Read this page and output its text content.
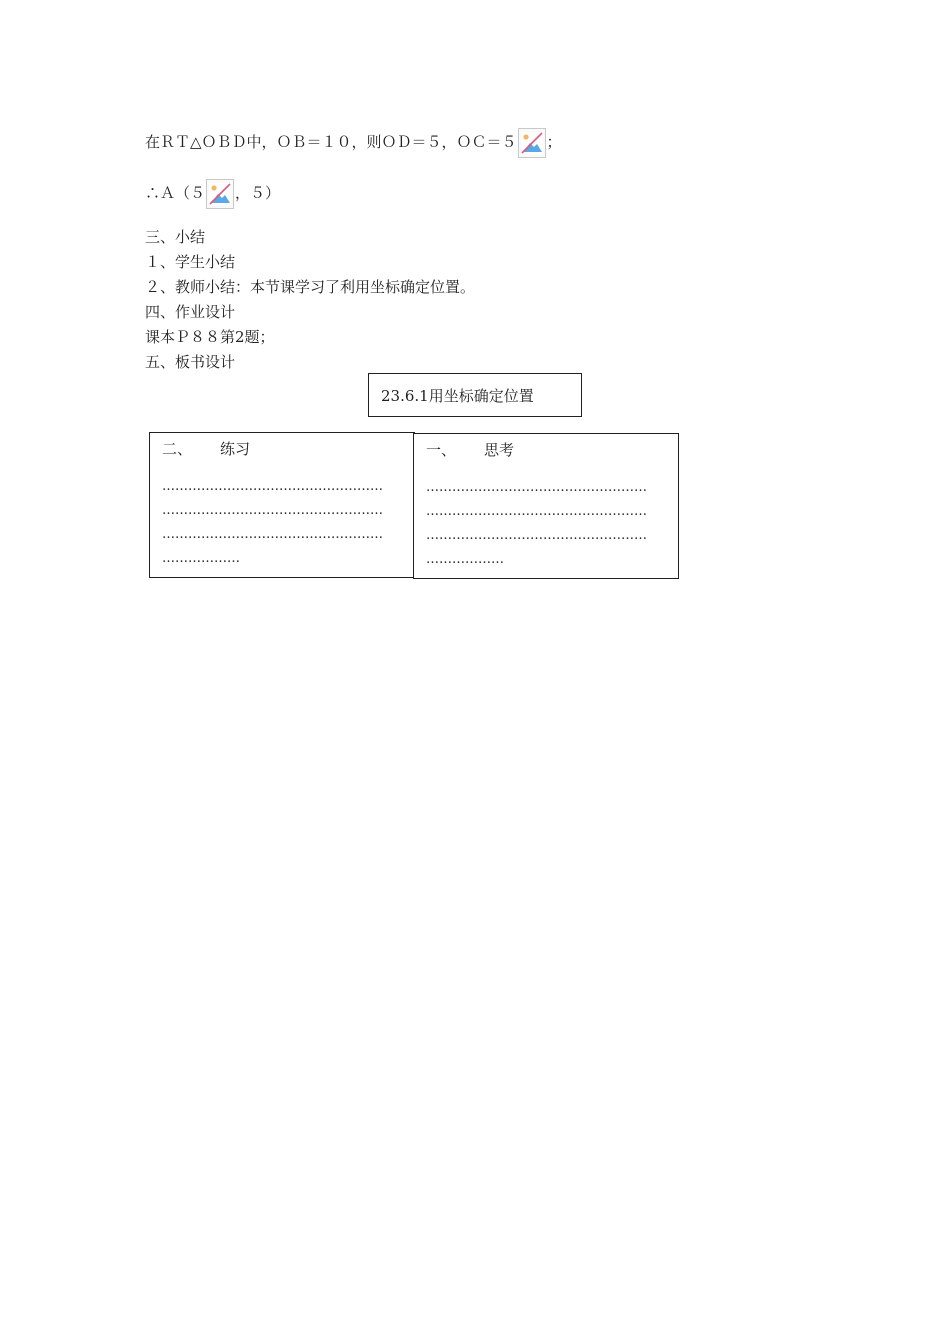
在ＲＴ△ＯＢＤ中，ＯＢ＝１０，则ＯＤ＝５，ＯＣ＝５ ；
∴Ａ（５ ，５）
三、小结
１、学生小结
２、教师小结：本节课学习了利用坐标确定位置。
四、作业设计
课本Ｐ８８第2题；
五、板书设计
23.6.1用坐标确定位置
二、 练习
……………………………………………
……………………………………………
……………………………………………
………………
一、 思考
……………………………………………
……………………………………………
……………………………………………
………………
